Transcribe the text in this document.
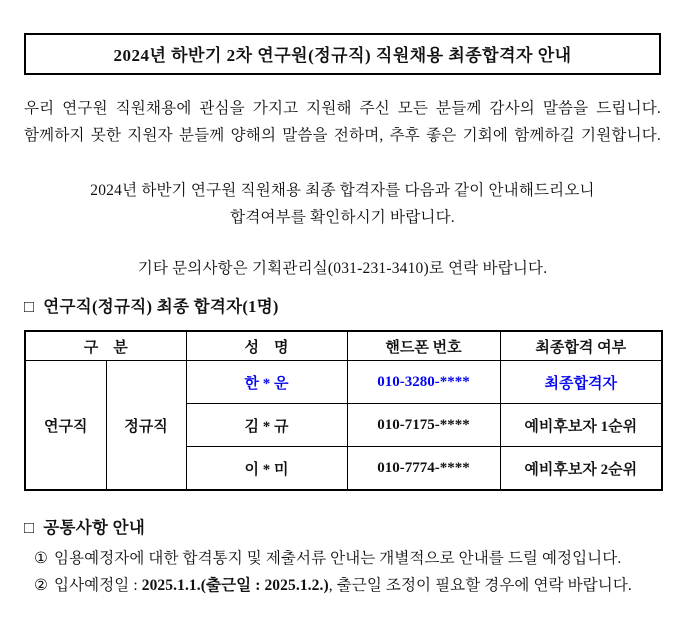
2024년 하반기 2차 연구원(정규직) 직원채용 최종합격자 안내
우리 연구원 직원채용에 관심을 가지고 지원해 주신 모든 분들께 감사의 말씀을 드립니다.
함께하지 못한 지원자 분들께 양해의 말씀을 전하며, 추후 좋은 기회에 함께하길 기원합니다.
2024년 하반기 연구원 직원채용 최종 합격자를 다음과 같이 안내해드리오니
합격여부를 확인하시기 바랍니다.
기타 문의사항은 기획관리실(031-231-3410)로 연락 바랍니다.
□ 연구직(정규직) 최종 합격자(1명)
구    분		성    명	핸드폰 번호	최종합격 여부
연구직	정규직	한 * 운	010-3280-****	최종합격자
		김 * 규	010-7175-****	예비후보자 1순위
		이 * 미	010-7774-****	예비후보자 2순위
□ 공통사항 안내
① 임용예정자에 대한 합격통지 및 제출서류 안내는 개별적으로 안내를 드릴 예정입니다.
② 입사예정일 : 2025.1.1.(출근일 : 2025.1.2.), 출근일 조정이 필요할 경우에 연락 바랍니다.
